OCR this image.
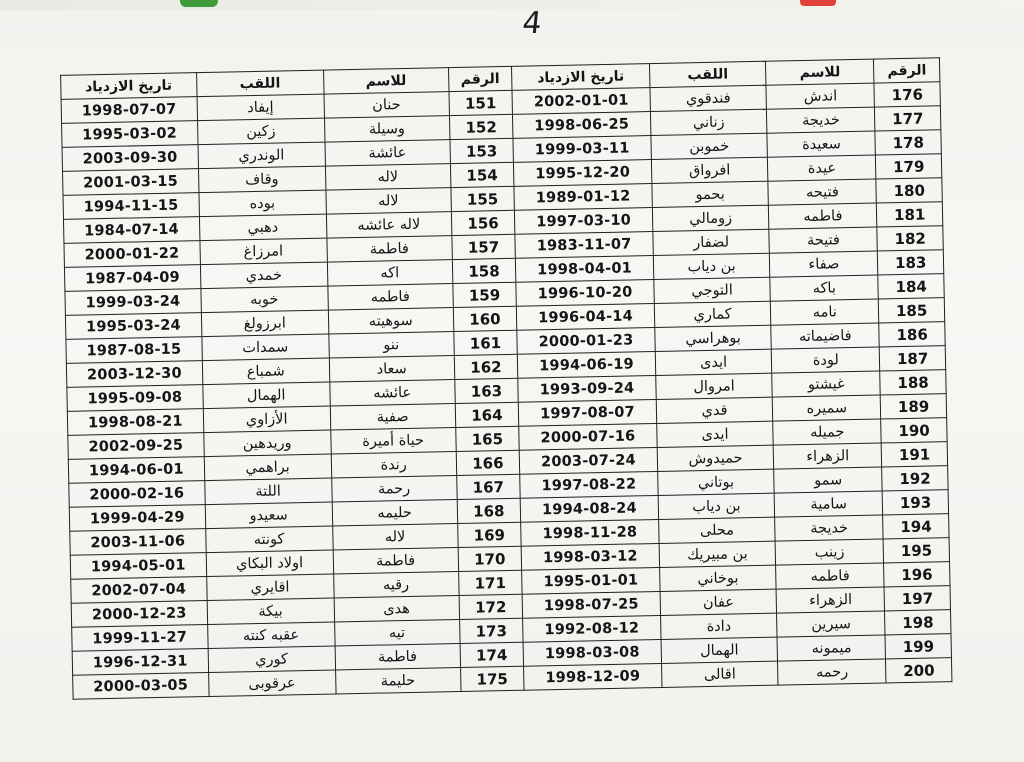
4
الرقم	للاسم	اللقب	تاريخ الازدياد	الرقم	للاسم	اللقب	تاريخ الازدياد
176	اندش	فندقوي	2002-01-01	151	حنان	إيفاد	1998-07-07
177	خديجة	زناني	1998-06-25	152	وسيلة	زكين	1995-03-02
178	سعيدة	خموبن	1999-03-11	153	عائشة	الوندري	2003-09-30
179	عيدة	افرواق	1995-12-20	154	لاله	وقاف	2001-03-15
180	فتيحه	بحمو	1989-01-12	155	لاله	بوده	1994-11-15
181	فاطمه	زومالي	1997-03-10	156	لاله عائشه	دهبي	1984-07-14
182	فتيحة	لضفار	1983-11-07	157	فاطمة	امرزاغ	2000-01-22
183	صفاء	بن دياب	1998-04-01	158	اكه	خمدي	1987-04-09
184	باكه	التوجي	1996-10-20	159	فاطمه	خوبه	1999-03-24
185	نامه	كماري	1996-04-14	160	سوهيته	ابرزولغ	1995-03-24
186	فاضيماته	بوهراسي	2000-01-23	161	ننو	سمدات	1987-08-15
187	لودة	ايدى	1994-06-19	162	سعاد	شمباع	2003-12-30
188	غيشتو	امروال	1993-09-24	163	عائشه	الهمال	1995-09-08
189	سميره	قدي	1997-08-07	164	صفية	الأزاوي	1998-08-21
190	جميله	ايدى	2000-07-16	165	حياة أميرة	وريدهين	2002-09-25
191	الزهراء	حميدوش	2003-07-24	166	رندة	براهمي	1994-06-01
192	سمو	بوتاني	1997-08-22	167	رحمة	اللتة	2000-02-16
193	سامية	بن دياب	1994-08-24	168	حليمه	سعيدو	1999-04-29
194	خديجة	محلى	1998-11-28	169	لاله	كونته	2003-11-06
195	زينب	بن مبيريك	1998-03-12	170	فاطمة	اولاد البكاي	1994-05-01
196	فاطمه	بوخاني	1995-01-01	171	رقيه	اقايري	2002-07-04
197	الزهراء	عفان	1998-07-25	172	هدى	بيكة	2000-12-23
198	سيرين	دادة	1992-08-12	173	تيه	عقبه كنته	1999-11-27
199	ميمونه	الهمال	1998-03-08	174	فاطمة	كوري	1996-12-31
200	رحمه	اقالى	1998-12-09	175	حليمة	عرقوبى	2000-03-05
